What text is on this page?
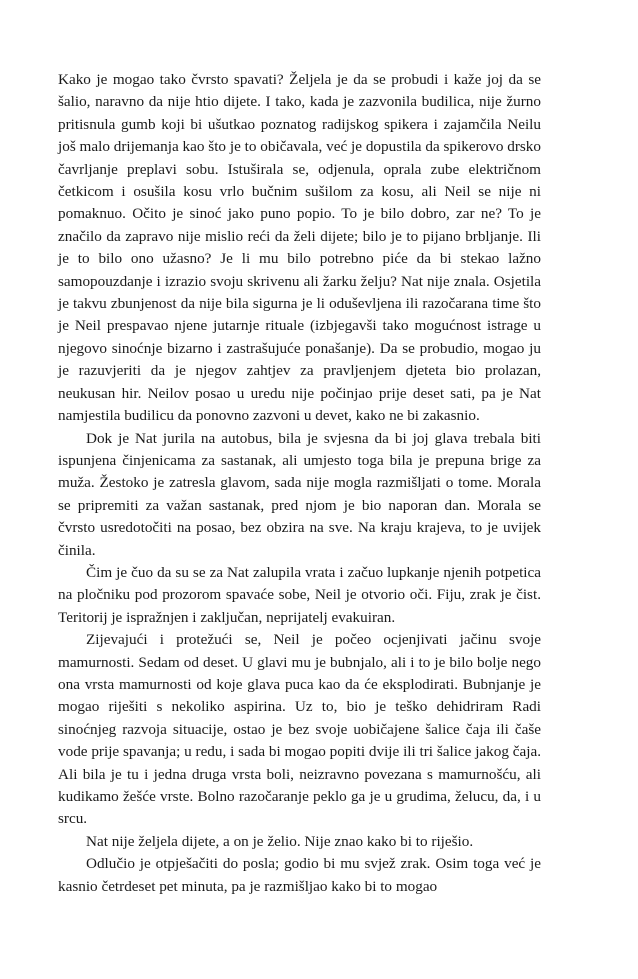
Kako je mogao tako čvrsto spavati? Željela je da se probudi i kaže joj da se šalio, naravno da nije htio dijete. I tako, kada je zazvonila budilica, nije žurno pritisnula gumb koji bi ušutkao poznatog radijskog spikera i zajamčila Neilu još malo drijemanja kao što je to običavala, već je dopustila da spikerovo drsko čavrljanje preplavi sobu. Istuširala se, odjenula, oprala zube električnom četkicom i osušila kosu vrlo bučnim sušilom za kosu, ali Neil se nije ni pomaknuo. Očito je sinoć jako puno popio. To je bilo dobro, zar ne? To je značilo da zapravo nije mislio reći da želi dijete; bilo je to pijano brbljanje. Ili je to bilo ono užasno? Je li mu bilo potrebno piće da bi stekao lažno samopouzdanje i izrazio svoju skrivenu ali žarku želju? Nat nije znala. Osjetila je takvu zbunjenost da nije bila sigurna je li oduševljena ili razočarana time što je Neil prespavao njene jutarnje rituale (izbjegavši tako mogućnost istrage u njegovo sinoćnje bizarno i zastrašujuće ponašanje). Da se probudio, mogao ju je razuvjeriti da je njegov zahtjev za pravljenjem djeteta bio prolazan, neukusan hir. Neilov posao u uredu nije počinjao prije deset sati, pa je Nat namjestila budilicu da ponovno zazvoni u devet, kako ne bi zakasnio.

Dok je Nat jurila na autobus, bila je svjesna da bi joj glava trebala biti ispunjena činjenicama za sastanak, ali umjesto toga bila je prepuna brige za muža. Žestoko je zatresla glavom, sada nije mogla razmišljati o tome. Morala se pripremiti za važan sastanak, pred njom je bio naporan dan. Morala se čvrsto usredotočiti na posao, bez obzira na sve. Na kraju krajeva, to je uvijek činila.

Čim je čuo da su se za Nat zalupila vrata i začuo lupkanje njenih potpetica na pločniku pod prozorom spavaće sobe, Neil je otvorio oči. Fiju, zrak je čist. Teritorij je ispražnjen i zaključan, neprijatelj evakuiran.

Zijevajući i protežući se, Neil je počeo ocjenjivati jačinu svoje mamurnosti. Sedam od deset. U glavi mu je bubnjalo, ali i to je bilo bolje nego ona vrsta mamurnosti od koje glava puca kao da će eksplodirati. Bubnjanje je mogao riješiti s nekoliko aspirina. Uz to, bio je teško dehidriram Radi sinoćnjeg razvoja situacije, ostao je bez svoje uobičajene šalice čaja ili čaše vode prije spavanja; u redu, i sada bi mogao popiti dvije ili tri šalice jakog čaja. Ali bila je tu i jedna druga vrsta boli, neizravno povezana s mamurnošću, ali kudikamo žešće vrste. Bolno razočaranje peklo ga je u grudima, želucu, da, i u srcu.

Nat nije željela dijete, a on je želio. Nije znao kako bi to riješio.

Odlučio je otpješačiti do posla; godio bi mu svjež zrak. Osim toga već je kasnio četrdeset pet minuta, pa je razmišljao kako bi to mogao
